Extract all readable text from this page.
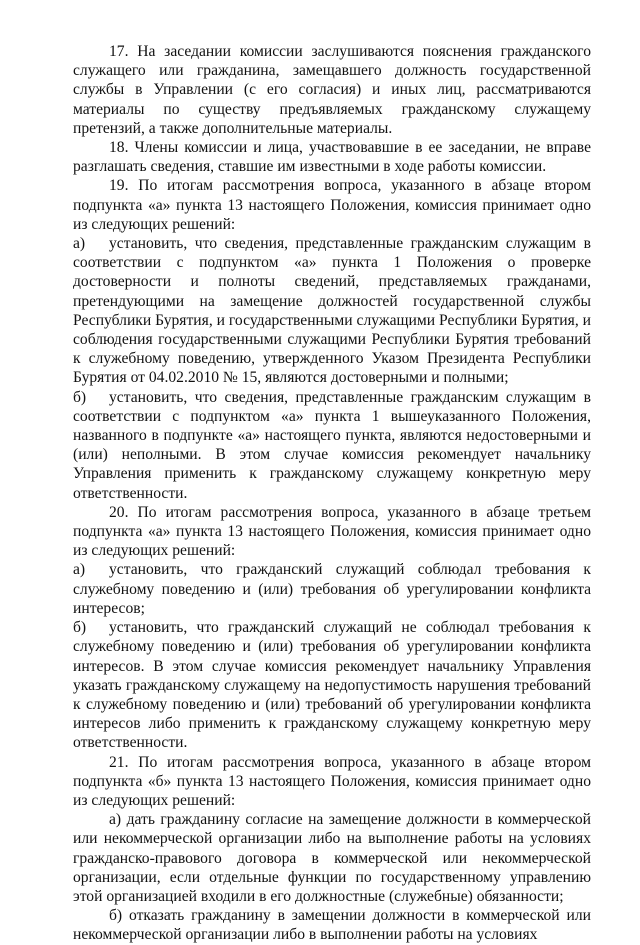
17. На заседании комиссии заслушиваются пояснения гражданского служащего или гражданина, замещавшего должность государственной службы в Управлении (с его согласия) и иных лиц, рассматриваются материалы по существу предъявляемых гражданскому служащему претензий, а также дополнительные материалы.

18. Члены комиссии и лица, участвовавшие в ее заседании, не вправе разглашать сведения, ставшие им известными в ходе работы комиссии.

19. По итогам рассмотрения вопроса, указанного в абзаце втором подпункта «а» пункта 13 настоящего Положения, комиссия принимает одно из следующих решений:

а) установить, что сведения, представленные гражданским служащим в соответствии с подпунктом «а» пункта 1 Положения о проверке достоверности и полноты сведений, представляемых гражданами, претендующими на замещение должностей государственной службы Республики Бурятия, и государственными служащими Республики Бурятия, и соблюдения государственными служащими Республики Бурятия требований к служебному поведению, утвержденного Указом Президента Республики Бурятия от 04.02.2010 № 15, являются достоверными и полными;

б) установить, что сведения, представленные гражданским служащим в соответствии с подпунктом «а» пункта 1 вышеуказанного Положения, названного в подпункте «а» настоящего пункта, являются недостоверными и (или) неполными. В этом случае комиссия рекомендует начальнику Управления применить к гражданскому служащему конкретную меру ответственности.

20. По итогам рассмотрения вопроса, указанного в абзаце третьем подпункта «а» пункта 13 настоящего Положения, комиссия принимает одно из следующих решений:

а) установить, что гражданский служащий соблюдал требования к служебному поведению и (или) требования об урегулировании конфликта интересов;

б) установить, что гражданский служащий не соблюдал требования к служебному поведению и (или) требования об урегулировании конфликта интересов. В этом случае комиссия рекомендует начальнику Управления указать гражданскому служащему на недопустимость нарушения требований к служебному поведению и (или) требований об урегулировании конфликта интересов либо применить к гражданскому служащему конкретную меру ответственности.

21. По итогам рассмотрения вопроса, указанного в абзаце втором подпункта «б» пункта 13 настоящего Положения, комиссия принимает одно из следующих решений:

а) дать гражданину согласие на замещение должности в коммерческой или некоммерческой организации либо на выполнение работы на условиях гражданско-правового договора в коммерческой или некоммерческой организации, если отдельные функции по государственному управлению этой организацией входили в его должностные (служебные) обязанности;

б) отказать гражданину в замещении должности в коммерческой или некоммерческой организации либо в выполнении работы на условиях
